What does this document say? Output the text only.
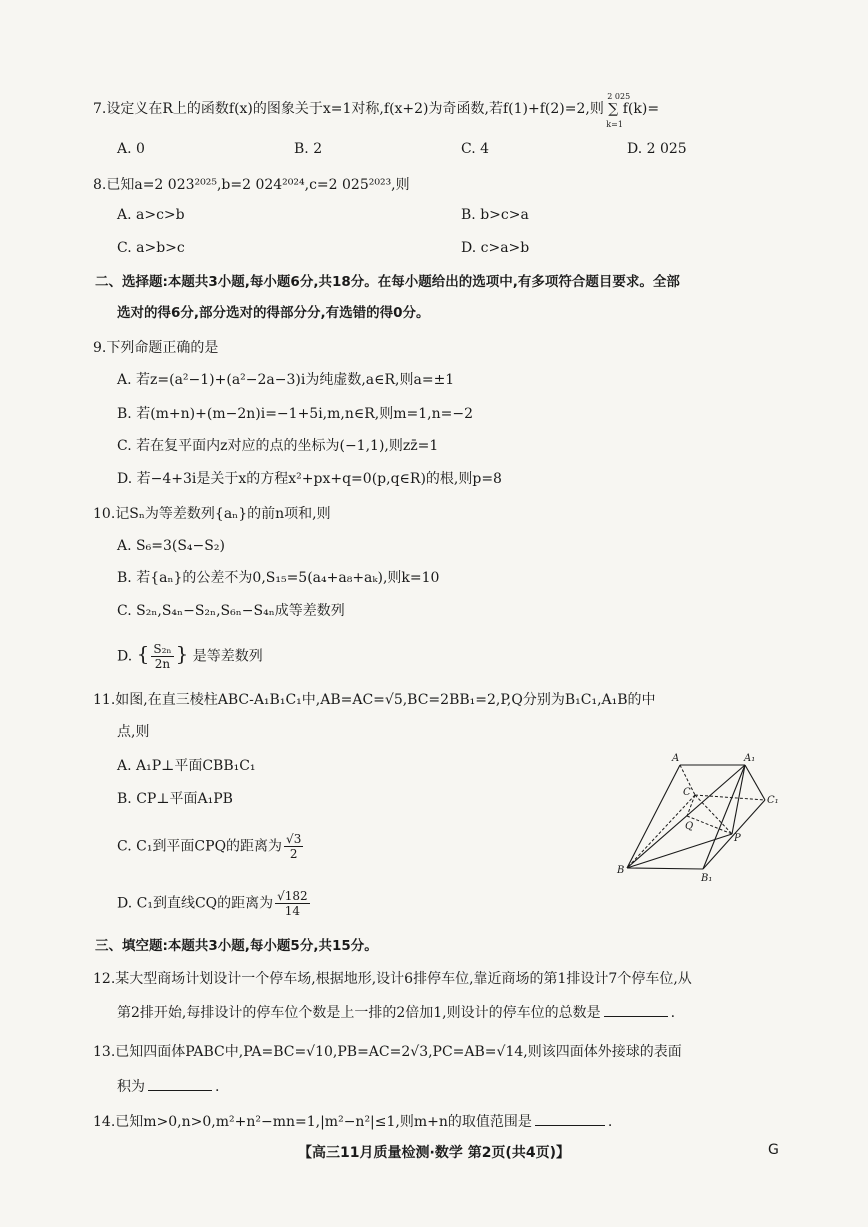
7.设定义在R上的函数f(x)的图象关于x=1对称,f(x+2)为奇函数,若f(1)+f(2)=2,则
2 025
k=1
∑ f(k)=
A. 0	B. 2	C. 4	D. 2 025
8.已知a=2 023²⁰²⁵,b=2 024²⁰²⁴,c=2 025²⁰²³,则
A. a>c>b	B. b>c>a
C. a>b>c	D. c>a>b
二、选择题:本题共3小题,每小题6分,共18分。在每小题给出的选项中,有多项符合题目要求。全部
选对的得6分,部分选对的得部分分,有选错的得0分。
9.下列命题正确的是
A. 若z=(a²−1)+(a²−2a−3)i为纯虚数,a∈R,则a=±1
B. 若(m+n)+(m−2n)i=−1+5i,m,n∈R,则m=1,n=−2
C. 若在复平面内z对应的点的坐标为(−1,1),则zz̄=1
D. 若−4+3i是关于x的方程x²+px+q=0(p,q∈R)的根,则p=8
10.记Sₙ为等差数列{aₙ}的前n项和,则
A. S₆=3(S₄−S₂)
B. 若{aₙ}的公差不为0,S₁₅=5(a₄+a₈+aₖ),则k=10
C. S₂ₙ,S₄ₙ−S₂ₙ,S₆ₙ−S₄ₙ成等差数列
D. { $\frac{\text{S₂ₙ}}{2n}$ } 是等差数列
11.如图,在直三棱柱ABC-A₁B₁C₁中,AB=AC=√5,BC=2BB₁=2,P,Q分别为B₁C₁,A₁B的中
点,则
A. A₁P⊥平面CBB₁C₁
B. CP⊥平面A₁PB
C. C₁到平面CPQ的距离为 $\frac{√3}{2}$
D. C₁到直线CQ的距离为 $\frac{√182}{14}$
A	A₁
C
C₁
Q
P
B
B₁
三、填空题:本题共3小题,每小题5分,共15分。
12.某大型商场计划设计一个停车场,根据地形,设计6排停车位,靠近商场的第1排设计7个停车位,从
第2排开始,每排设计的停车位个数是上一排的2倍加1,则设计的停车位的总数是	.
13.已知四面体PABC中,PA=BC=√10,PB=AC=2√3,PC=AB=√14,则该四面体外接球的表面
积为	.
14.已知m>0,n>0,m²+n²−mn=1,|m²−n²|≤1,则m+n的取值范围是	.
【高三11月质量检测·数学 第2页(共4页)】	G
